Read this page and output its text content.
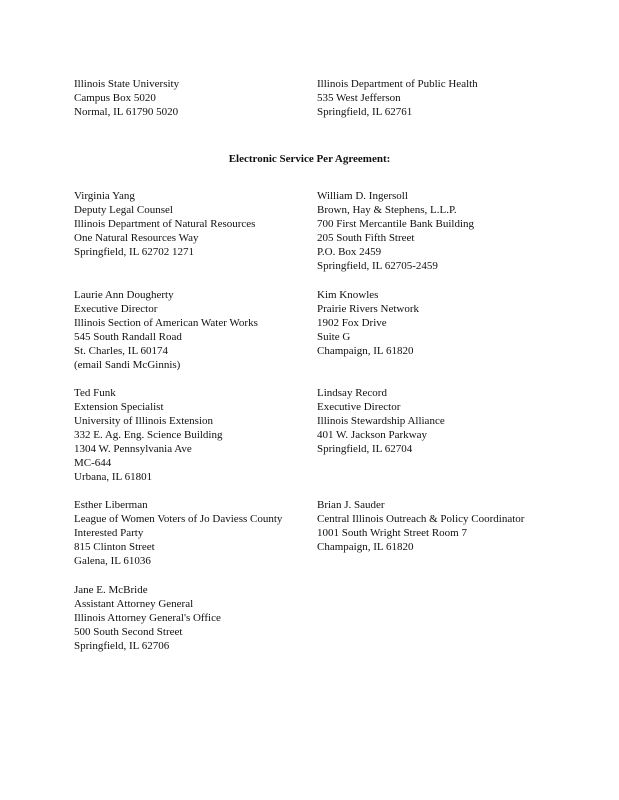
Illinois State University
Campus Box 5020
Normal, IL 61790 5020
Illinois Department of Public Health
535 West Jefferson
Springfield, IL 62761
Electronic Service Per Agreement:
Virginia Yang
Deputy Legal Counsel
Illinois Department of Natural Resources
One Natural Resources Way
Springfield, IL 62702 1271
William D. Ingersoll
Brown, Hay & Stephens, L.L.P.
700 First Mercantile Bank Building
205 South Fifth Street
P.O. Box 2459
Springfield, IL 62705-2459
Laurie Ann Dougherty
Executive Director
Illinois Section of American Water Works
545 South Randall Road
St. Charles, IL 60174
(email Sandi McGinnis)
Kim Knowles
Prairie Rivers Network
1902 Fox Drive
Suite G
Champaign, IL 61820
Ted Funk
Extension Specialist
University of Illinois Extension
332 E. Ag. Eng. Science Building
1304 W. Pennsylvania Ave
MC-644
Urbana, IL 61801
Lindsay Record
Executive Director
Illinois Stewardship Alliance
401 W. Jackson Parkway
Springfield, IL 62704
Esther Liberman
League of Women Voters of Jo Daviess County
Interested Party
815 Clinton Street
Galena, IL 61036
Brian J. Sauder
Central Illinois Outreach & Policy Coordinator
1001 South Wright Street Room 7
Champaign, IL 61820
Jane E. McBride
Assistant Attorney General
Illinois Attorney General's Office
500 South Second Street
Springfield, IL 62706
